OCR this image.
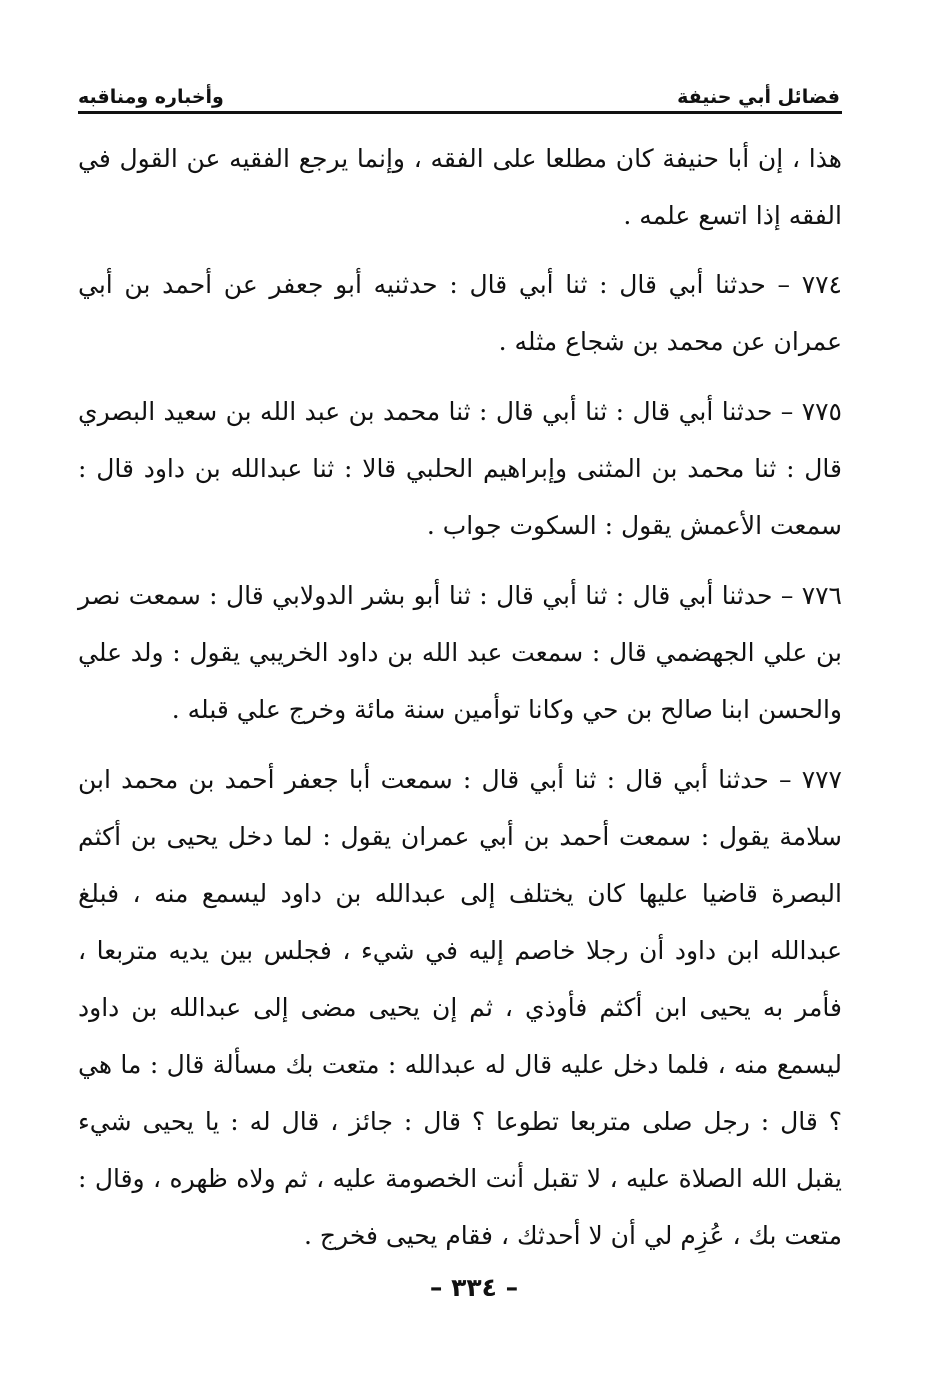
فضائل أبي حنيفة
وأخباره ومناقبه

هذا ، إن أبا حنيفة كان مطلعا على الفقه ، وإنما يرجع الفقيه عن القول في الفقه إذا اتسع علمه .

٧٧٤ – حدثنا أبي قال : ثنا أبي قال : حدثنيه أبو جعفر عن أحمد بن أبي عمران عن محمد بن شجاع مثله .

٧٧٥ – حدثنا أبي قال : ثنا أبي قال : ثنا محمد بن عبد الله بن سعيد البصري قال : ثنا محمد بن المثنى وإبراهيم الحلبي قالا : ثنا عبدالله بن داود قال : سمعت الأعمش يقول : السكوت جواب .

٧٧٦ – حدثنا أبي قال : ثنا أبي قال : ثنا أبو بشر الدولابي قال : سمعت نصر بن علي الجهضمي قال : سمعت عبد الله بن داود الخريبي يقول : ولد علي والحسن ابنا صالح بن حي وكانا توأمين سنة مائة وخرج علي قبله .

٧٧٧ – حدثنا أبي قال : ثنا أبي قال : سمعت أبا جعفر أحمد بن محمد ابن سلامة يقول : سمعت أحمد بن أبي عمران يقول : لما دخل يحيى بن أكثم البصرة قاضيا عليها كان يختلف إلى عبدالله بن داود ليسمع منه ، فبلغ عبدالله ابن داود أن رجلا خاصم إليه في شيء ، فجلس بين يديه متربعا ، فأمر به يحيى ابن أكثم فأوذي ، ثم إن يحيى مضى إلى عبدالله بن داود ليسمع منه ، فلما دخل عليه قال له عبدالله : متعت بك مسألة قال : ما هي ؟ قال : رجل صلى متربعا تطوعا ؟ قال : جائز ، قال له : يا يحيى شيء يقبل الله الصلاة عليه ، لا تقبل أنت الخصومة عليه ، ثم ولاه ظهره ، وقال : متعت بك ، عُزِم لي أن لا أحدثك ، فقام يحيى فخرج .

– ٣٣٤ –
